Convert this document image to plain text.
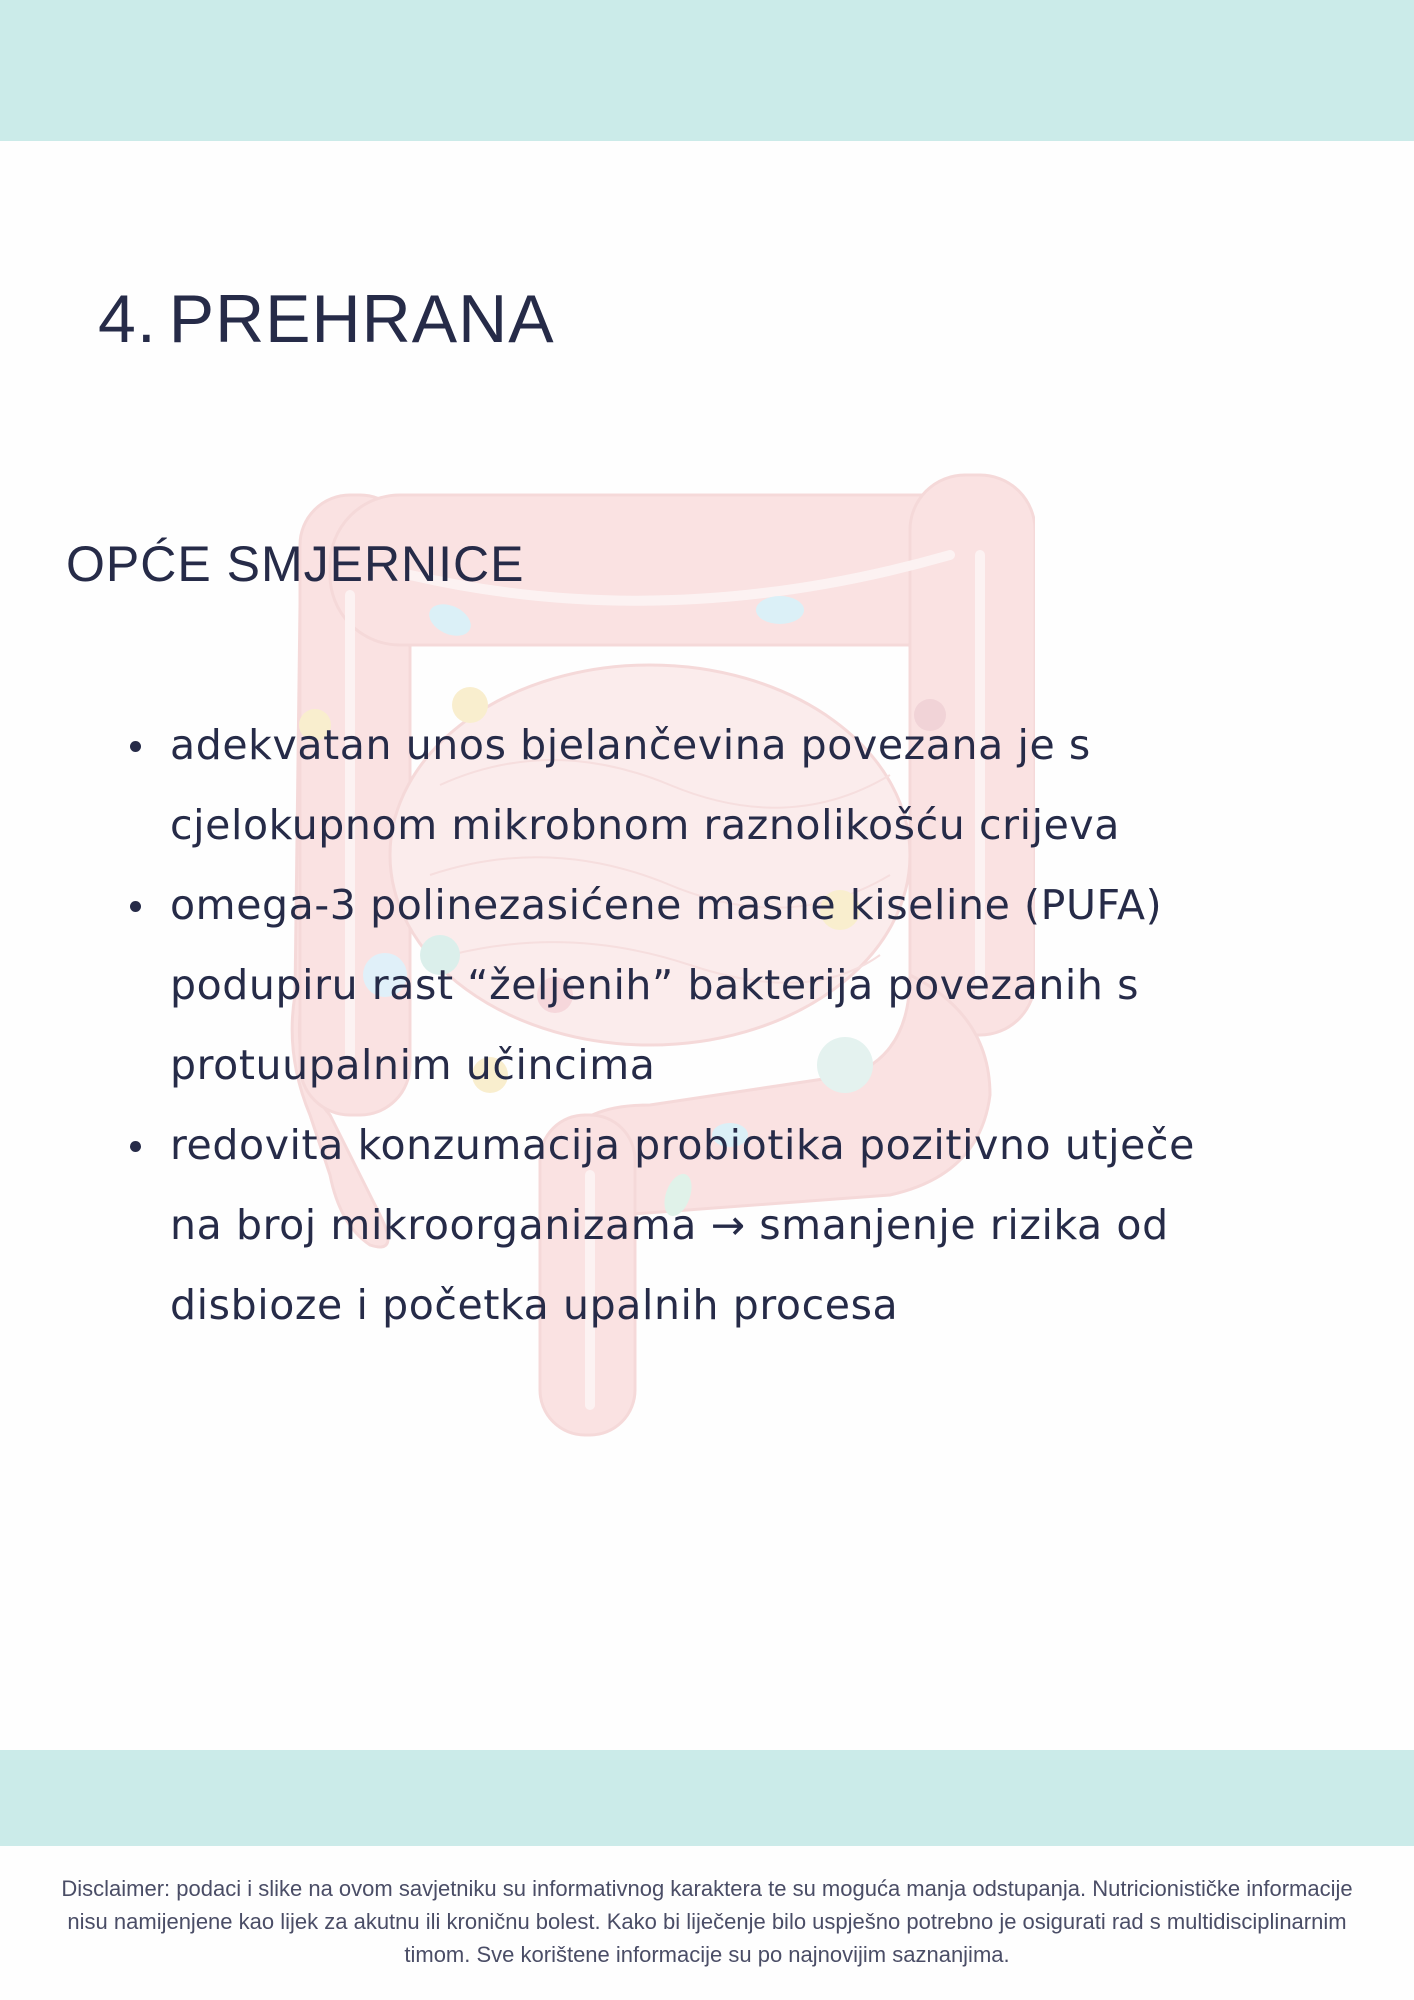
4. PREHRANA
OPĆE SMJERNICE
adekvatan unos bjelančevina povezana je s
cjelokupnom mikrobnom raznolikošću crijeva
omega-3 polinezasićene masne kiseline (PUFA)
podupiru rast “željenih” bakterija povezanih s
protuupalnim učincima
redovita konzumacija probiotika pozitivno utječe
na broj mikroorganizama → smanjenje rizika od
disbioze i početka upalnih procesa

Disclaimer: podaci i slike na ovom savjetniku su informativnog karaktera te su moguća manja odstupanja. Nutricionističke informacije
nisu namijenjene kao lijek za akutnu ili kroničnu bolest. Kako bi liječenje bilo uspješno potrebno je osigurati rad s multidisciplinarnim
timom. Sve korištene informacije su po najnovijim saznanjima.
